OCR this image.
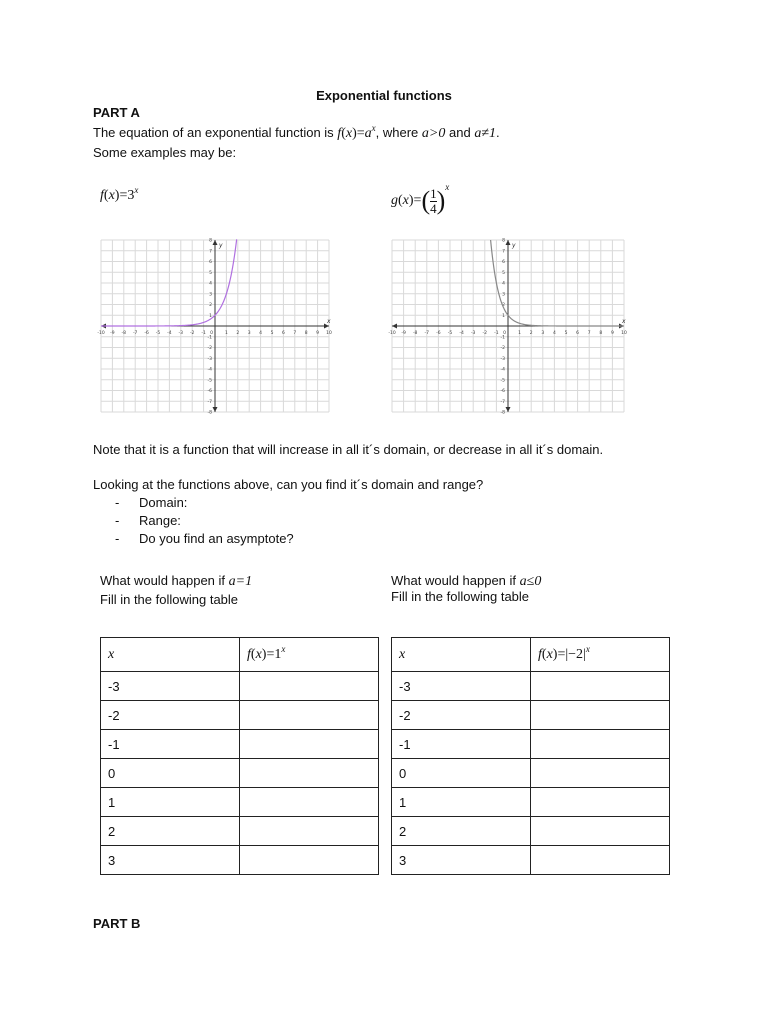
Exponential functions
PART A
The equation of an exponential function is $f(x)=a^x$, where a>0 and a≠1.
Some examples may be:
$f(x)=3^x$
$g(x)=( \frac{1}{4} )^x$
-10 -9 -8 -7 -6 -5 -4 -3 -2 -1	1 2 3 4 5 6 7 8 9 10
0
-8
-7
-6
-5
-4
-3
-2
-1
1
2
3
4
5
6
7
8
x
y
-10 -9 -8 -7 -6 -5 -4 -3 -2 -1	1 2 3 4 5 6 7 8 9 10
0
-8
-7
-6
-5
-4
-3
-2
-1
1
2
3
4
5
6
7
8
x
y
Note that it is a function that will increase in all it´s domain, or decrease in all it´s domain.
Looking at the functions above, can you find it´s domain and range?
- Domain:
- Range:
- Do you find an asymptote?
What would happen if a=1
Fill in the following table
What would happen if a≤0
Fill in the following table
x	$f(x)=1^x$
-3	
-2	
-1	
0	
1	
2	
3	
x	$f(x)=|-2|^x$
-3	
-2	
-1	
0	
1	
2	
3	
PART B
